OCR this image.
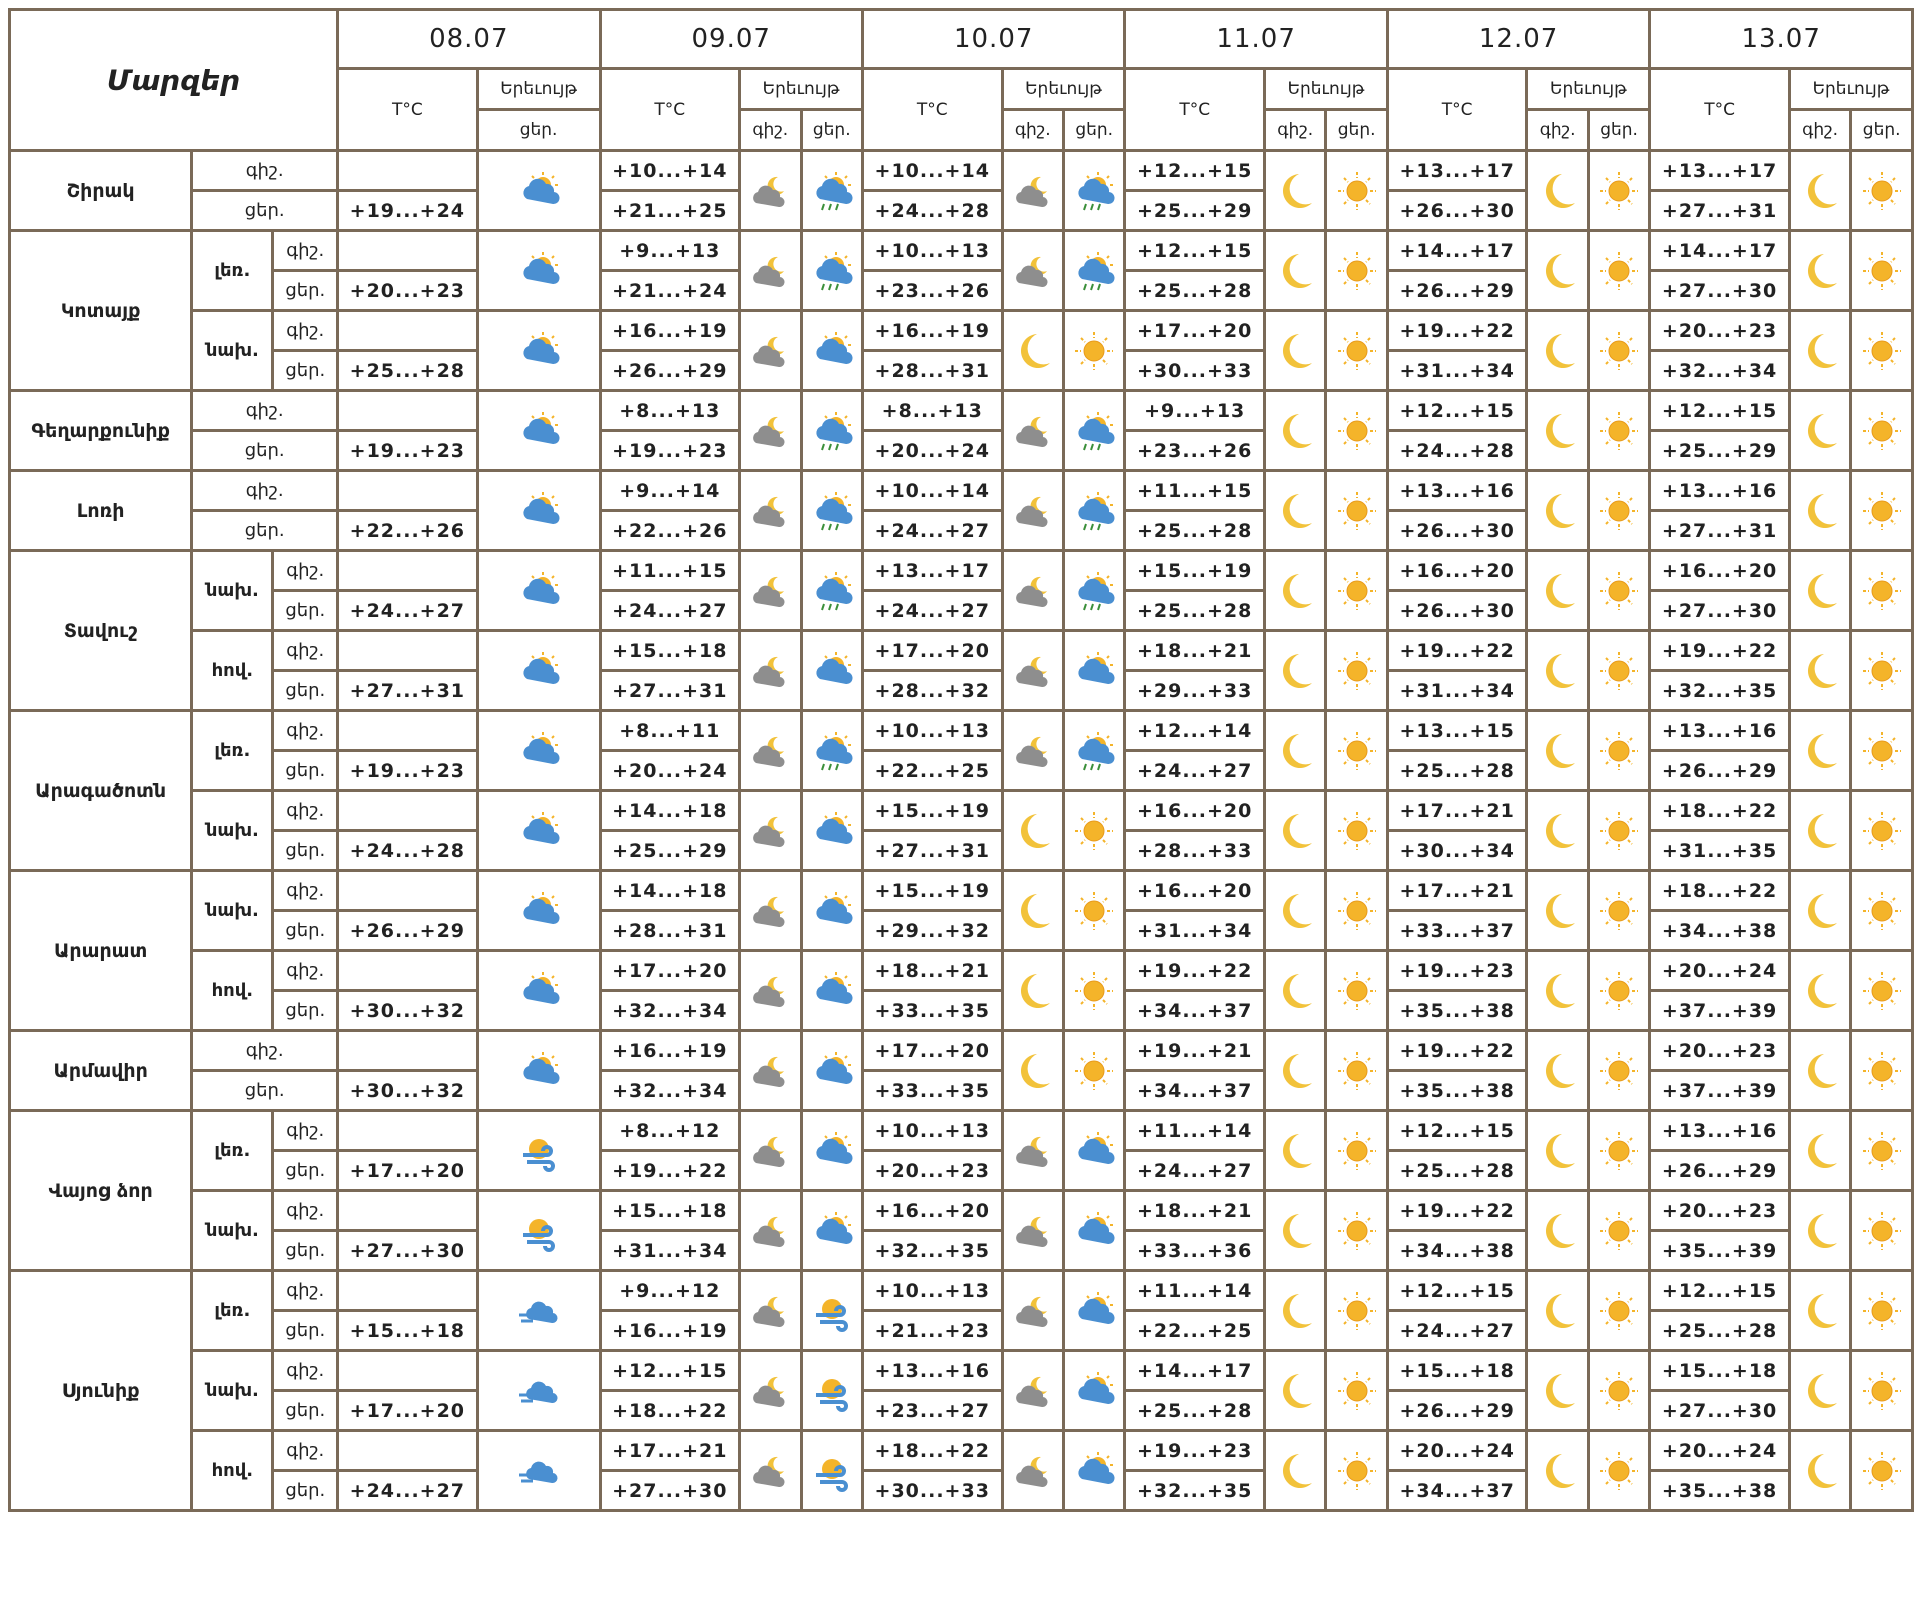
Մարզեր			08.07		09.07			10.07			11.07			12.07			13.07		
			T°C	Երեւույթ	T°C	Երեւույթ		T°C	Երեւույթ		T°C	Երեւույթ		T°C	Երեւույթ		T°C	Երեւույթ	
				ցեր.		գիշ.	ցեր.		գիշ.	ցեր.		գիշ.	ցեր.		գիշ.	ցեր.		գիշ.	ցեր.
Շիրակ	գիշ.				+10...+14			+10...+14			+12...+15			+13...+17			+13...+17	

	ցեր.		+19...+24		+21...+25			+24...+28			+25...+29			+26...+30			+27...+31		
Կոտայք	լեռ.	գիշ.			+9...+13			+10...+13			+12...+15			+14...+17			+14...+17	

		ցեր.	+20...+23		+21...+24			+23...+26			+25...+28			+26...+29			+27...+30		
	նախ.	գիշ.			+16...+19			+16...+19			+17...+20			+19...+22			+20...+23	

		ցեր.	+25...+28		+26...+29			+28...+31			+30...+33			+31...+34			+32...+34		
Գեղարքունիք	գիշ.				+8...+13			+8...+13			+9...+13			+12...+15			+12...+15	

	ցեր.		+19...+23		+19...+23			+20...+24			+23...+26			+24...+28			+25...+29		
Լոռի	գիշ.				+9...+14			+10...+14			+11...+15			+13...+16			+13...+16	

	ցեր.		+22...+26		+22...+26			+24...+27			+25...+28			+26...+30			+27...+31		
Տավուշ	նախ.	գիշ.			+11...+15			+13...+17			+15...+19			+16...+20			+16...+20	

		ցեր.	+24...+27		+24...+27			+24...+27			+25...+28			+26...+30			+27...+30		
	հով.	գիշ.			+15...+18			+17...+20			+18...+21			+19...+22			+19...+22	

		ցեր.	+27...+31		+27...+31			+28...+32			+29...+33			+31...+34			+32...+35		
Արագածոտն	լեռ.	գիշ.			+8...+11			+10...+13			+12...+14			+13...+15			+13...+16	

		ցեր.	+19...+23		+20...+24			+22...+25			+24...+27			+25...+28			+26...+29		
	նախ.	գիշ.			+14...+18			+15...+19			+16...+20			+17...+21			+18...+22	

		ցեր.	+24...+28		+25...+29			+27...+31			+28...+33			+30...+34			+31...+35		
Արարատ	նախ.	գիշ.			+14...+18			+15...+19			+16...+20			+17...+21			+18...+22	

		ցեր.	+26...+29		+28...+31			+29...+32			+31...+34			+33...+37			+34...+38		
	հով.	գիշ.			+17...+20			+18...+21			+19...+22			+19...+23			+20...+24	

		ցեր.	+30...+32		+32...+34			+33...+35			+34...+37			+35...+38			+37...+39		
Արմավիր	գիշ.				+16...+19			+17...+20			+19...+21			+19...+22			+20...+23	

	ցեր.		+30...+32		+32...+34			+33...+35			+34...+37			+35...+38			+37...+39		
Վայոց ձոր	լեռ.	գիշ.			+8...+12			+10...+13			+11...+14			+12...+15			+13...+16	

		ցեր.	+17...+20		+19...+22			+20...+23			+24...+27			+25...+28			+26...+29		
	նախ.	գիշ.			+15...+18			+16...+20			+18...+21			+19...+22			+20...+23	

		ցեր.	+27...+30		+31...+34			+32...+35			+33...+36			+34...+38			+35...+39		
Սյունիք	լեռ.	գիշ.			+9...+12			+10...+13			+11...+14			+12...+15			+12...+15	

		ցեր.	+15...+18		+16...+19			+21...+23			+22...+25			+24...+27			+25...+28		
	նախ.	գիշ.			+12...+15			+13...+16			+14...+17			+15...+18			+15...+18	

		ցեր.	+17...+20		+18...+22			+23...+27			+25...+28			+26...+29			+27...+30		
	հով.	գիշ.			+17...+21			+18...+22			+19...+23			+20...+24			+20...+24	

		ցեր.	+24...+27		+27...+30			+30...+33			+32...+35			+34...+37			+35...+38		
